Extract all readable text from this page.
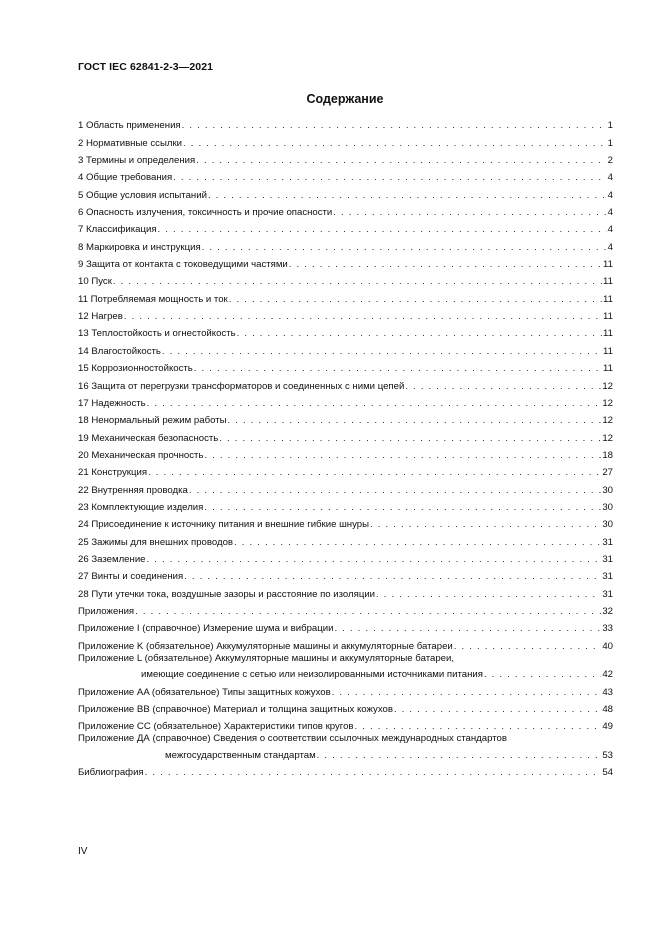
ГОСТ IEC 62841-2-3—2021
Содержание
1 Область применения . . .	1
2 Нормативные ссылки . . .	1
3 Термины и определения . . .	2
4 Общие требования . . .	4
5 Общие условия испытаний . . .	4
6 Опасность излучения, токсичность и прочие опасности . . .	4
7 Классификация . . .	4
8 Маркировка и инструкция . . .	4
9 Защита от контакта с токоведущими частями . . .	11
10 Пуск . . .	11
11 Потребляемая мощность и ток . . .	11
12 Нагрев . . .	11
13 Теплостойкость и огнестойкость . . .	11
14 Влагостойкость . . .	11
15 Коррозионностойкость . . .	11
16 Защита от перегрузки трансформаторов и соединенных с ними цепей . . .	12
17 Надежность . . .	12
18 Ненормальный режим работы . . .	12
19 Механическая безопасность . . .	12
20 Механическая прочность . . .	18
21 Конструкция . . .	27
22 Внутренняя проводка . . .	30
23 Комплектующие изделия . . .	30
24 Присоединение к источнику питания и внешние гибкие шнуры . . .	30
25 Зажимы для внешних проводов . . .	31
26 Заземление . . .	31
27 Винты и соединения . . .	31
28 Пути утечки тока, воздушные зазоры и расстояние по изоляции . . .	31
Приложения . . .	32
Приложение I (справочное) Измерение шума и вибрации . . .	33
Приложение K (обязательное) Аккумуляторные машины и аккумуляторные батареи . . .	40
Приложение L (обязательное) Аккумуляторные машины и аккумуляторные батареи,
имеющие соединение с сетью или неизолированными источниками питания . . .	42
Приложение AA (обязательное) Типы защитных кожухов . . .	43
Приложение BB (справочное) Материал и толщина защитных кожухов . . .	48
Приложение CC (обязательное) Характеристики типов кругов . . .	49
Приложение ДА (справочное) Сведения о соответствии ссылочных международных стандартов
межгосударственным стандартам . . .	53
Библиография . . .	54
IV
